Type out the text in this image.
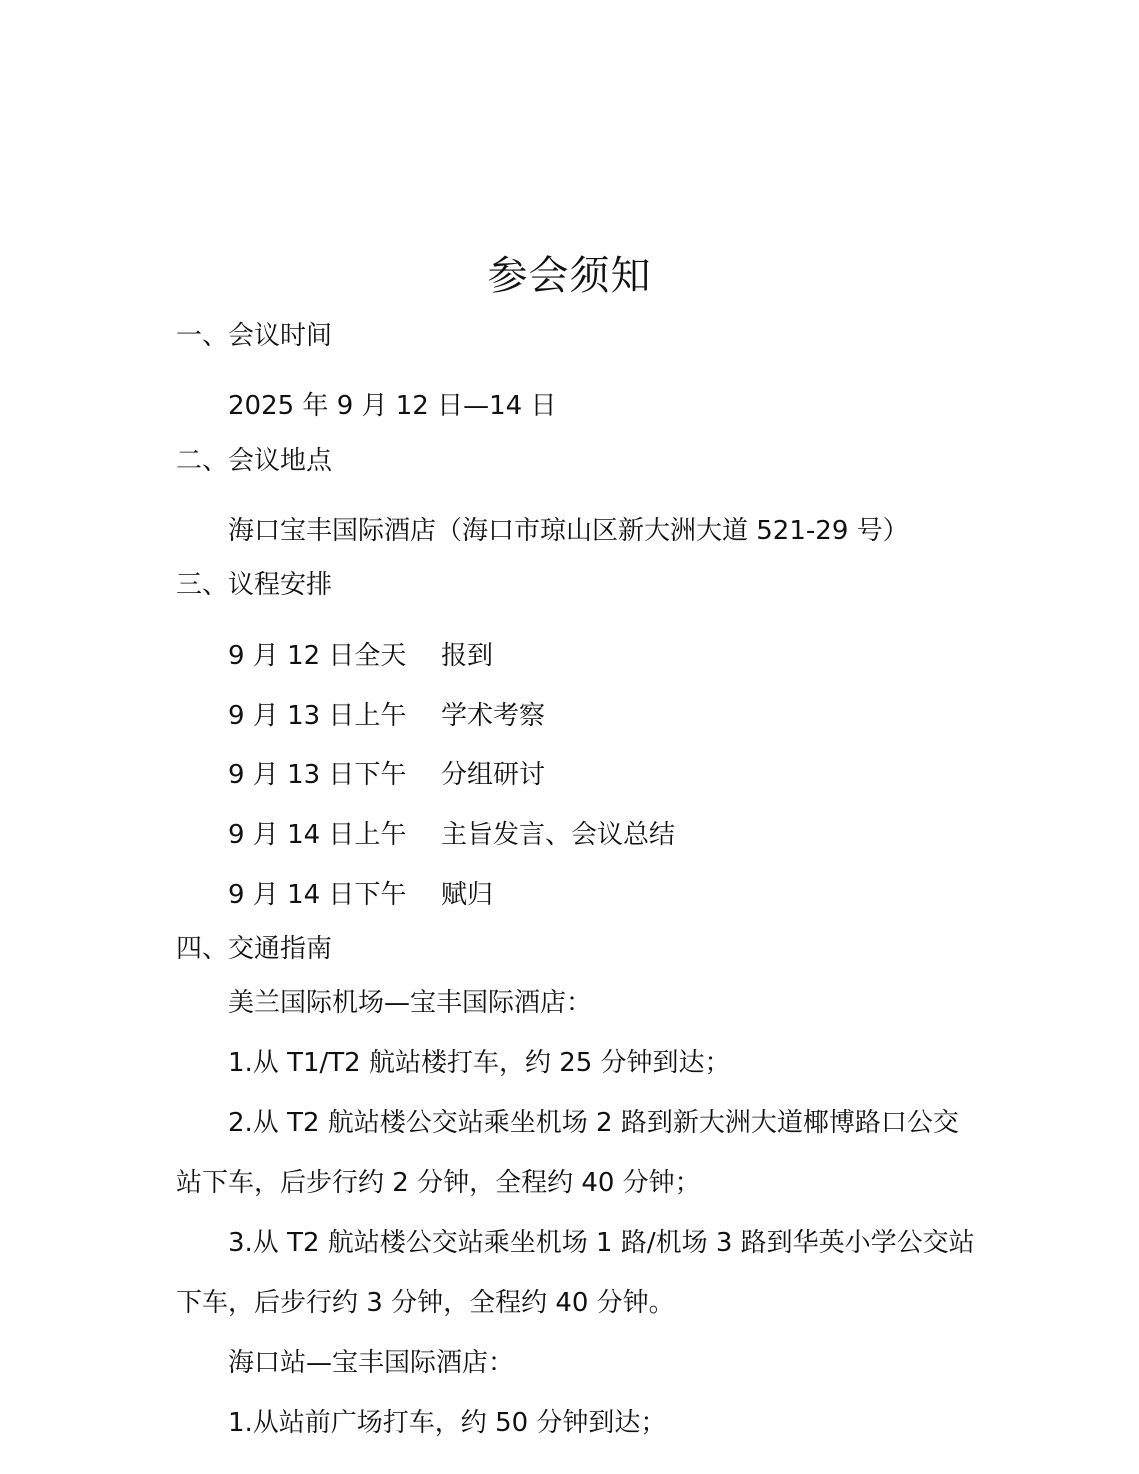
参会须知
一、会议时间
2025 年 9 月 12 日—14 日
二、会议地点
海口宝丰国际酒店（海口市琼山区新大洲大道 521-29 号）
三、议程安排
9 月 12 日全天 报到
9 月 13 日上午 学术考察
9 月 13 日下午 分组研讨
9 月 14 日上午 主旨发言、会议总结
9 月 14 日下午 赋归
四、交通指南
美兰国际机场—宝丰国际酒店：
1.从 T1/T2 航站楼打车，约 25 分钟到达；
2.从 T2 航站楼公交站乘坐机场 2 路到新大洲大道椰博路口公交
站下车，后步行约 2 分钟，全程约 40 分钟；
3.从 T2 航站楼公交站乘坐机场 1 路/机场 3 路到华英小学公交站
下车，后步行约 3 分钟，全程约 40 分钟。
海口站—宝丰国际酒店：
1.从站前广场打车，约 50 分钟到达；
